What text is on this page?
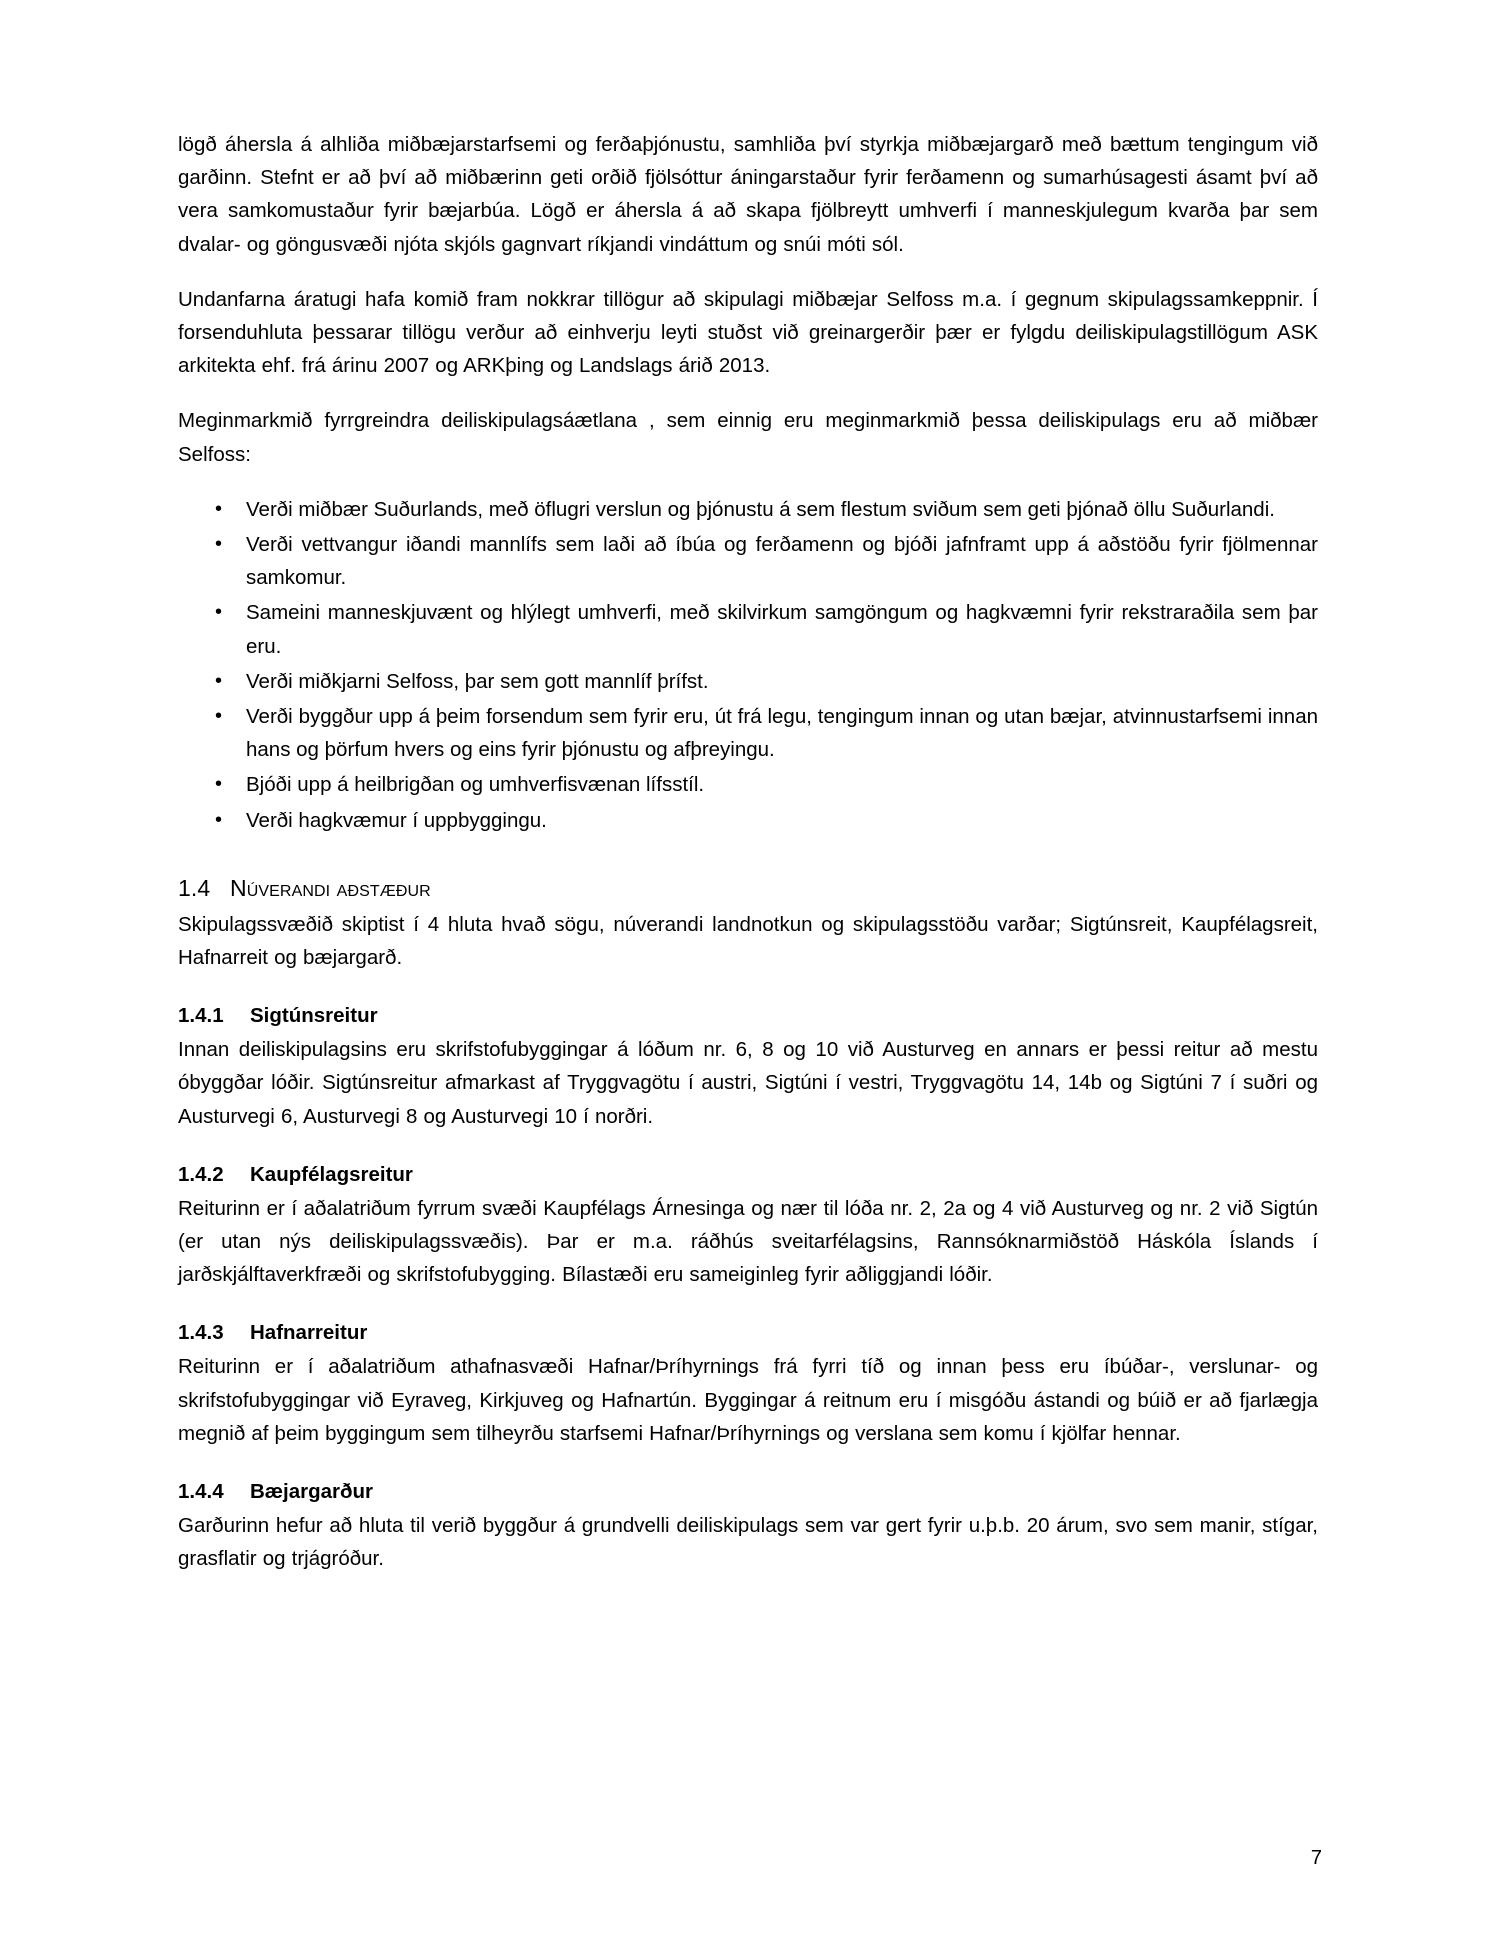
lögð áhersla á alhliða miðbæjarstarfsemi og ferðaþjónustu, samhliða því styrkja miðbæjargarð með bættum tengingum við garðinn. Stefnt er að því að miðbærinn geti orðið fjölsóttur áningarstaður fyrir ferðamenn og sumarhúsagesti ásamt því að vera samkomustaður fyrir bæjarbúa. Lögð er áhersla á að skapa fjölbreytt umhverfi í manneskjulegum kvarða þar sem dvalar- og göngusvæði njóta skjóls gagnvart ríkjandi vindáttum og snúi móti sól.

Undanfarna áratugi hafa komið fram nokkrar tillögur að skipulagi miðbæjar Selfoss m.a. í gegnum skipulagssamkeppnir. Í forsenduhluta þessarar tillögu verður að einhverju leyti stuðst við greinargerðir þær er fylgdu deiliskipulagstillögum ASK arkitekta ehf. frá árinu 2007 og ARKþing og Landslags árið 2013.

Meginmarkmið fyrrgreindra deiliskipulagsáætlana , sem einnig eru meginmarkmið þessa deiliskipulags eru að miðbær Selfoss:

• Verði miðbær Suðurlands, með öflugri verslun og þjónustu á sem flestum sviðum sem geti þjónað öllu Suðurlandi.
• Verði vettvangur iðandi mannlífs sem laði að íbúa og ferðamenn og bjóði jafnframt upp á aðstöðu fyrir fjölmennar samkomur.
• Sameini manneskjuvænt og hlýlegt umhverfi, með skilvirkum samgöngum og hagkvæmni fyrir rekstraraðila sem þar eru.
• Verði miðkjarni Selfoss, þar sem gott mannlíf þrífst.
• Verði byggður upp á þeim forsendum sem fyrir eru, út frá legu, tengingum innan og utan bæjar, atvinnustarfsemi innan hans og þörfum hvers og eins fyrir þjónustu og afþreyingu.
• Bjóði upp á heilbrigðan og umhverfisvænan lífsstíl.
• Verði hagkvæmur í uppbyggingu.
1.4 Núverandi aðstæður

Skipulagssvæðið skiptist í 4 hluta hvað sögu, núverandi landnotkun og skipulagsstöðu varðar; Sigtúnsreit, Kaupfélagsreit, Hafnarreit og bæjargarð.

1.4.1 Sigtúnsreitur

Innan deiliskipulagsins eru skrifstofubyggingar á lóðum nr. 6, 8 og 10 við Austurveg en annars er þessi reitur að mestu óbyggðar lóðir. Sigtúnsreitur afmarkast af Tryggvagötu í austri, Sigtúni í vestri, Tryggvagötu 14, 14b og Sigtúni 7 í suðri og Austurvegi 6, Austurvegi 8 og Austurvegi 10 í norðri.

1.4.2 Kaupfélagsreitur

Reiturinn er í aðalatriðum fyrrum svæði Kaupfélags Árnesinga og nær til lóða nr. 2, 2a og 4 við Austurveg og nr. 2 við Sigtún (er utan nýs deiliskipulagssvæðis). Þar er m.a. ráðhús sveitarfélagsins, Rannsóknarmiðstöð Háskóla Íslands í jarðskjálftaverkfræði og skrifstofubygging. Bílastæði eru sameiginleg fyrir aðliggjandi lóðir.

1.4.3 Hafnarreitur

Reiturinn er í aðalatriðum athafnasvæði Hafnar/Þríhyrnings frá fyrri tíð og innan þess eru íbúðar-, verslunar- og skrifstofubyggingar við Eyraveg, Kirkjuveg og Hafnartún. Byggingar á reitnum eru í misgóðu ástandi og búið er að fjarlægja megnið af þeim byggingum sem tilheyrðu starfsemi Hafnar/Þríhyrnings og verslana sem komu í kjölfar hennar.

1.4.4 Bæjargarður

Garðurinn hefur að hluta til verið byggður á grundvelli deiliskipulags sem var gert fyrir u.þ.b. 20 árum, svo sem manir, stígar, grasflatir og trjágróður.

7
